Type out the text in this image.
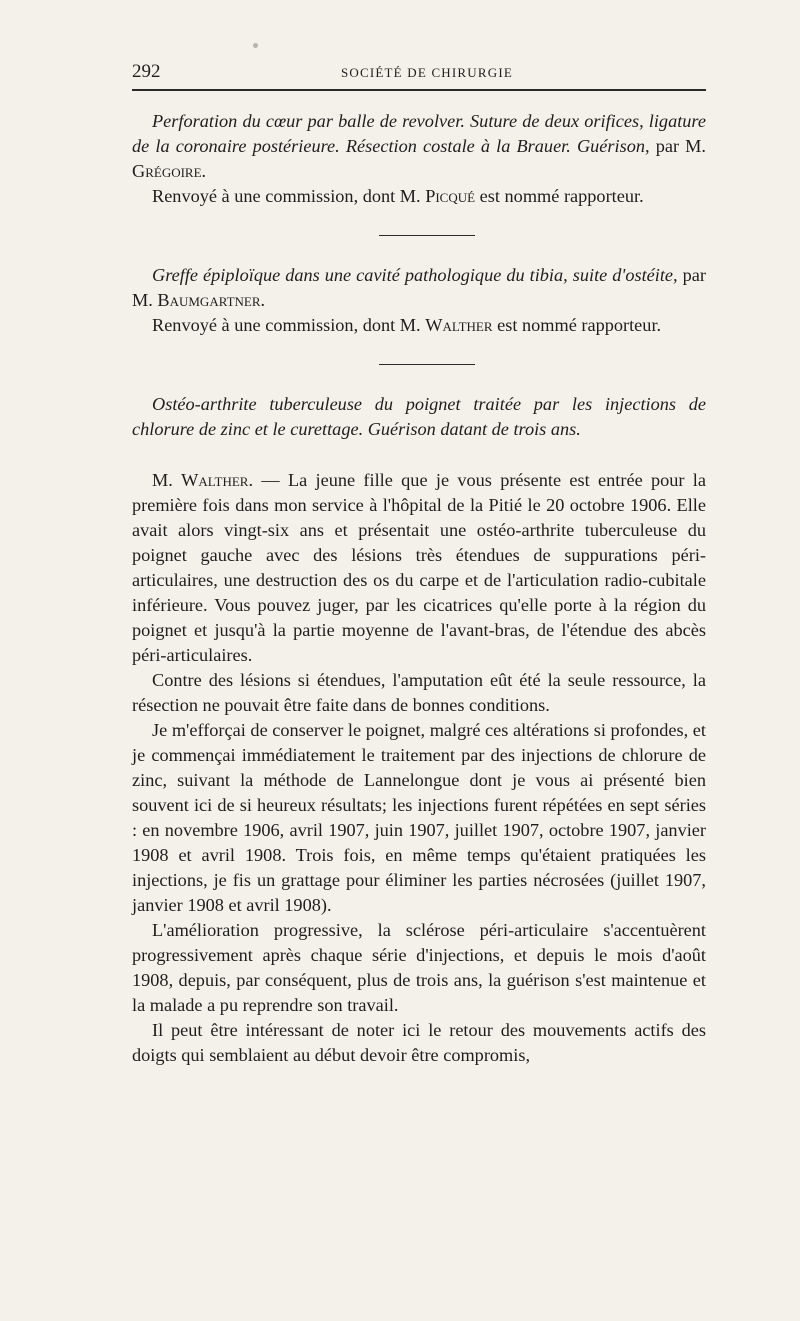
292	SOCIÉTÉ DE CHIRURGIE

Perforation du cœur par balle de revolver. Suture de deux orifices, ligature de la coronaire postérieure. Résection costale à la Brauer. Guérison, par M. Grégoire.

Renvoyé à une commission, dont M. Picqué est nommé rapporteur.

Greffe épiploïque dans une cavité pathologique du tibia, suite d'ostéite, par M. Baumgartner.

Renvoyé à une commission, dont M. Walther est nommé rapporteur.

Ostéo-arthrite tuberculeuse du poignet traitée par les injections de chlorure de zinc et le curettage. Guérison datant de trois ans.

M. Walther. — La jeune fille que je vous présente est entrée pour la première fois dans mon service à l'hôpital de la Pitié le 20 octobre 1906. Elle avait alors vingt-six ans et présentait une ostéo-arthrite tuberculeuse du poignet gauche avec des lésions très étendues de suppurations péri-articulaires, une destruction des os du carpe et de l'articulation radio-cubitale inférieure. Vous pouvez juger, par les cicatrices qu'elle porte à la région du poignet et jusqu'à la partie moyenne de l'avant-bras, de l'étendue des abcès péri-articulaires.

Contre des lésions si étendues, l'amputation eût été la seule ressource, la résection ne pouvait être faite dans de bonnes conditions.

Je m'efforçai de conserver le poignet, malgré ces altérations si profondes, et je commençai immédiatement le traitement par des injections de chlorure de zinc, suivant la méthode de Lannelongue dont je vous ai présenté bien souvent ici de si heureux résultats; les injections furent répétées en sept séries : en novembre 1906, avril 1907, juin 1907, juillet 1907, octobre 1907, janvier 1908 et avril 1908. Trois fois, en même temps qu'étaient pratiquées les injections, je fis un grattage pour éliminer les parties nécrosées (juillet 1907, janvier 1908 et avril 1908).

L'amélioration progressive, la sclérose péri-articulaire s'accentuèrent progressivement après chaque série d'injections, et depuis le mois d'août 1908, depuis, par conséquent, plus de trois ans, la guérison s'est maintenue et la malade a pu reprendre son travail.

Il peut être intéressant de noter ici le retour des mouvements actifs des doigts qui semblaient au début devoir être compromis,
